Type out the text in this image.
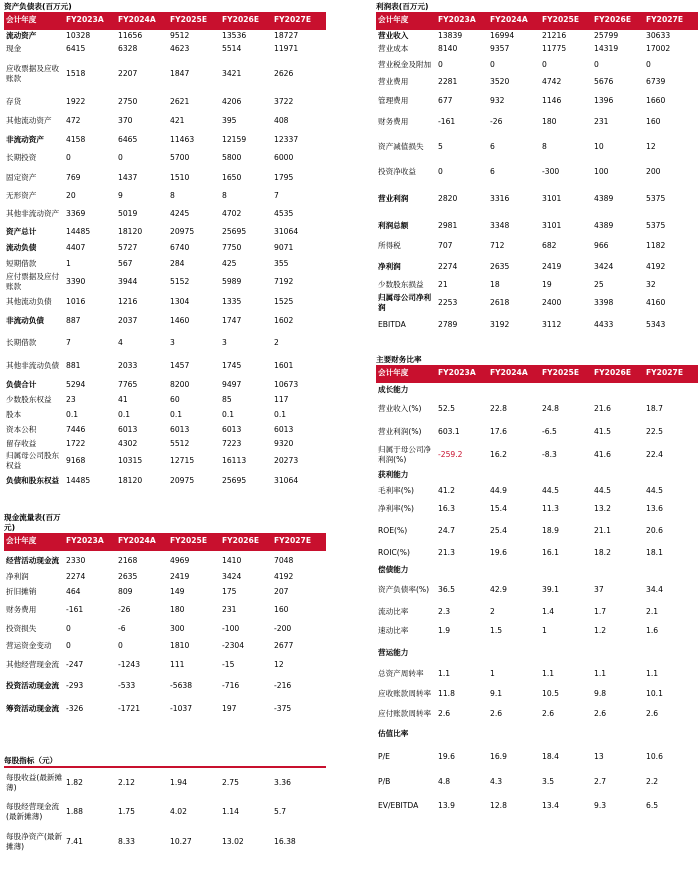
资产负债表(百万元)
会计年度	FY2023A	FY2024A	FY2025E	FY2026E	FY2027E
流动资产	10328	11656	9512	13536	18727
现金	6415	6328	4623	5514	11971
应收票据及应收账款	1518	2207	1847	3421	2626
存货	1922	2750	2621	4206	3722
其他流动资产	472	370	421	395	408
非流动资产	4158	6465	11463	12159	12337
长期投资	0	0	5700	5800	6000
固定资产	769	1437	1510	1650	1795
无形资产	20	9	8	8	7
其他非流动资产	3369	5019	4245	4702	4535
资产总计	14485	18120	20975	25695	31064
流动负债	4407	5727	6740	7750	9071
短期借款	1	567	284	425	355
应付票据及应付账款	3390	3944	5152	5989	7192
其他流动负债	1016	1216	1304	1335	1525
非流动负债	887	2037	1460	1747	1602
长期借款	7	4	3	3	2
其他非流动负债	881	2033	1457	1745	1601
负债合计	5294	7765	8200	9497	10673
少数股东权益	23	41	60	85	117
股本	0.1	0.1	0.1	0.1	0.1
资本公积	7446	6013	6013	6013	6013
留存收益	1722	4302	5512	7223	9320
归属母公司股东权益	9168	10315	12715	16113	20273
负债和股东权益	14485	18120	20975	25695	31064
现金流量表(百万元)
会计年度	FY2023A	FY2024A	FY2025E	FY2026E	FY2027E
经营活动现金流	2330	2168	4969	1410	7048
净利润	2274	2635	2419	3424	4192
折旧摊销	464	809	149	175	207
财务费用	-161	-26	180	231	160
投资损失	0	-6	300	-100	-200
营运资金变动	0	0	1810	-2304	2677
其他经营现金流	-247	-1243	111	-15	12
投资活动现金流	-293	-533	-5638	-716	-216
筹资活动现金流	-326	-1721	-1037	197	-375
每股指标（元）
每股收益(最新摊薄)	1.82	2.12	1.94	2.75	3.36
每股经营现金流(最新摊薄)	1.88	1.75	4.02	1.14	5.7
每股净资产(最新摊薄)	7.41	8.33	10.27	13.02	16.38
利润表(百万元)
会计年度	FY2023A	FY2024A	FY2025E	FY2026E	FY2027E
营业收入	13839	16994	21216	25799	30633
营业成本	8140	9357	11775	14319	17002
营业税金及附加	0	0	0	0	0
营业费用	2281	3520	4742	5676	6739
管理费用	677	932	1146	1396	1660
财务费用	-161	-26	180	231	160
资产减值损失	5	6	8	10	12
投资净收益	0	6	-300	100	200
营业利润	2820	3316	3101	4389	5375
利润总额	2981	3348	3101	4389	5375
所得税	707	712	682	966	1182
净利润	2274	2635	2419	3424	4192
少数股东损益	21	18	19	25	32
归属母公司净利润	2253	2618	2400	3398	4160
EBITDA	2789	3192	3112	4433	5343
主要财务比率
会计年度	FY2023A	FY2024A	FY2025E	FY2026E	FY2027E
成长能力					
营业收入(%)	52.5	22.8	24.8	21.6	18.7
营业利润(%)	603.1	17.6	-6.5	41.5	22.5
归属于母公司净利润(%)	-259.2	16.2	-8.3	41.6	22.4
获利能力					
毛利率(%)	41.2	44.9	44.5	44.5	44.5
净利率(%)	16.3	15.4	11.3	13.2	13.6
ROE(%)	24.7	25.4	18.9	21.1	20.6
ROIC(%)	21.3	19.6	16.1	18.2	18.1
偿债能力					
资产负债率(%)	36.5	42.9	39.1	37	34.4
流动比率	2.3	2	1.4	1.7	2.1
速动比率	1.9	1.5	1	1.2	1.6
营运能力					
总资产周转率	1.1	1	1.1	1.1	1.1
应收账款周转率	11.8	9.1	10.5	9.8	10.1
应付账款周转率	2.6	2.6	2.6	2.6	2.6
估值比率					
P/E	19.6	16.9	18.4	13	10.6
P/B	4.8	4.3	3.5	2.7	2.2
EV/EBITDA	13.9	12.8	13.4	9.3	6.5
